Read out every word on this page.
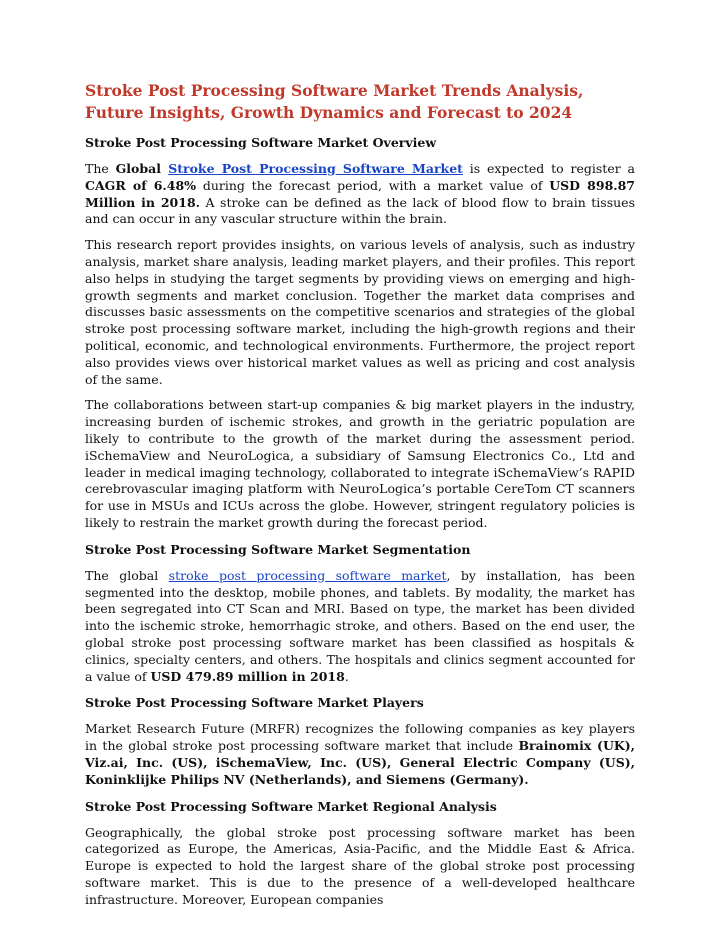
Stroke Post Processing Software Market Trends Analysis, Future Insights, Growth Dynamics and Forecast to 2024
Stroke Post Processing Software Market Overview

The Global Stroke Post Processing Software Market is expected to register a CAGR of 6.48% during the forecast period, with a market value of USD 898.87 Million in 2018. A stroke can be defined as the lack of blood flow to brain tissues and can occur in any vascular structure within the brain.

This research report provides insights, on various levels of analysis, such as industry analysis, market share analysis, leading market players, and their profiles. This report also helps in studying the target segments by providing views on emerging and high-growth segments and market conclusion. Together the market data comprises and discusses basic assessments on the competitive scenarios and strategies of the global stroke post processing software market, including the high-growth regions and their political, economic, and technological environments. Furthermore, the project report also provides views over historical market values as well as pricing and cost analysis of the same.

The collaborations between start-up companies & big market players in the industry, increasing burden of ischemic strokes, and growth in the geriatric population are likely to contribute to the growth of the market during the assessment period. iSchemaView and NeuroLogica, a subsidiary of Samsung Electronics Co., Ltd and leader in medical imaging technology, collaborated to integrate iSchemaView’s RAPID cerebrovascular imaging platform with NeuroLogica’s portable CereTom CT scanners for use in MSUs and ICUs across the globe. However, stringent regulatory policies is likely to restrain the market growth during the forecast period.

Stroke Post Processing Software Market Segmentation

The global stroke post processing software market, by installation, has been segmented into the desktop, mobile phones, and tablets. By modality, the market has been segregated into CT Scan and MRI. Based on type, the market has been divided into the ischemic stroke, hemorrhagic stroke, and others. Based on the end user, the global stroke post processing software market has been classified as hospitals & clinics, specialty centers, and others. The hospitals and clinics segment accounted for a value of USD 479.89 million in 2018.

Stroke Post Processing Software Market Players

Market Research Future (MRFR) recognizes the following companies as key players in the global stroke post processing software market that include Brainomix (UK), Viz.ai, Inc. (US), iSchemaView, Inc. (US), General Electric Company (US), Koninklijke Philips NV (Netherlands), and Siemens (Germany).

Stroke Post Processing Software Market Regional Analysis

Geographically, the global stroke post processing software market has been categorized as Europe, the Americas, Asia-Pacific, and the Middle East & Africa. Europe is expected to hold the largest share of the global stroke post processing software market. This is due to the presence of a well-developed healthcare infrastructure. Moreover, European companies
